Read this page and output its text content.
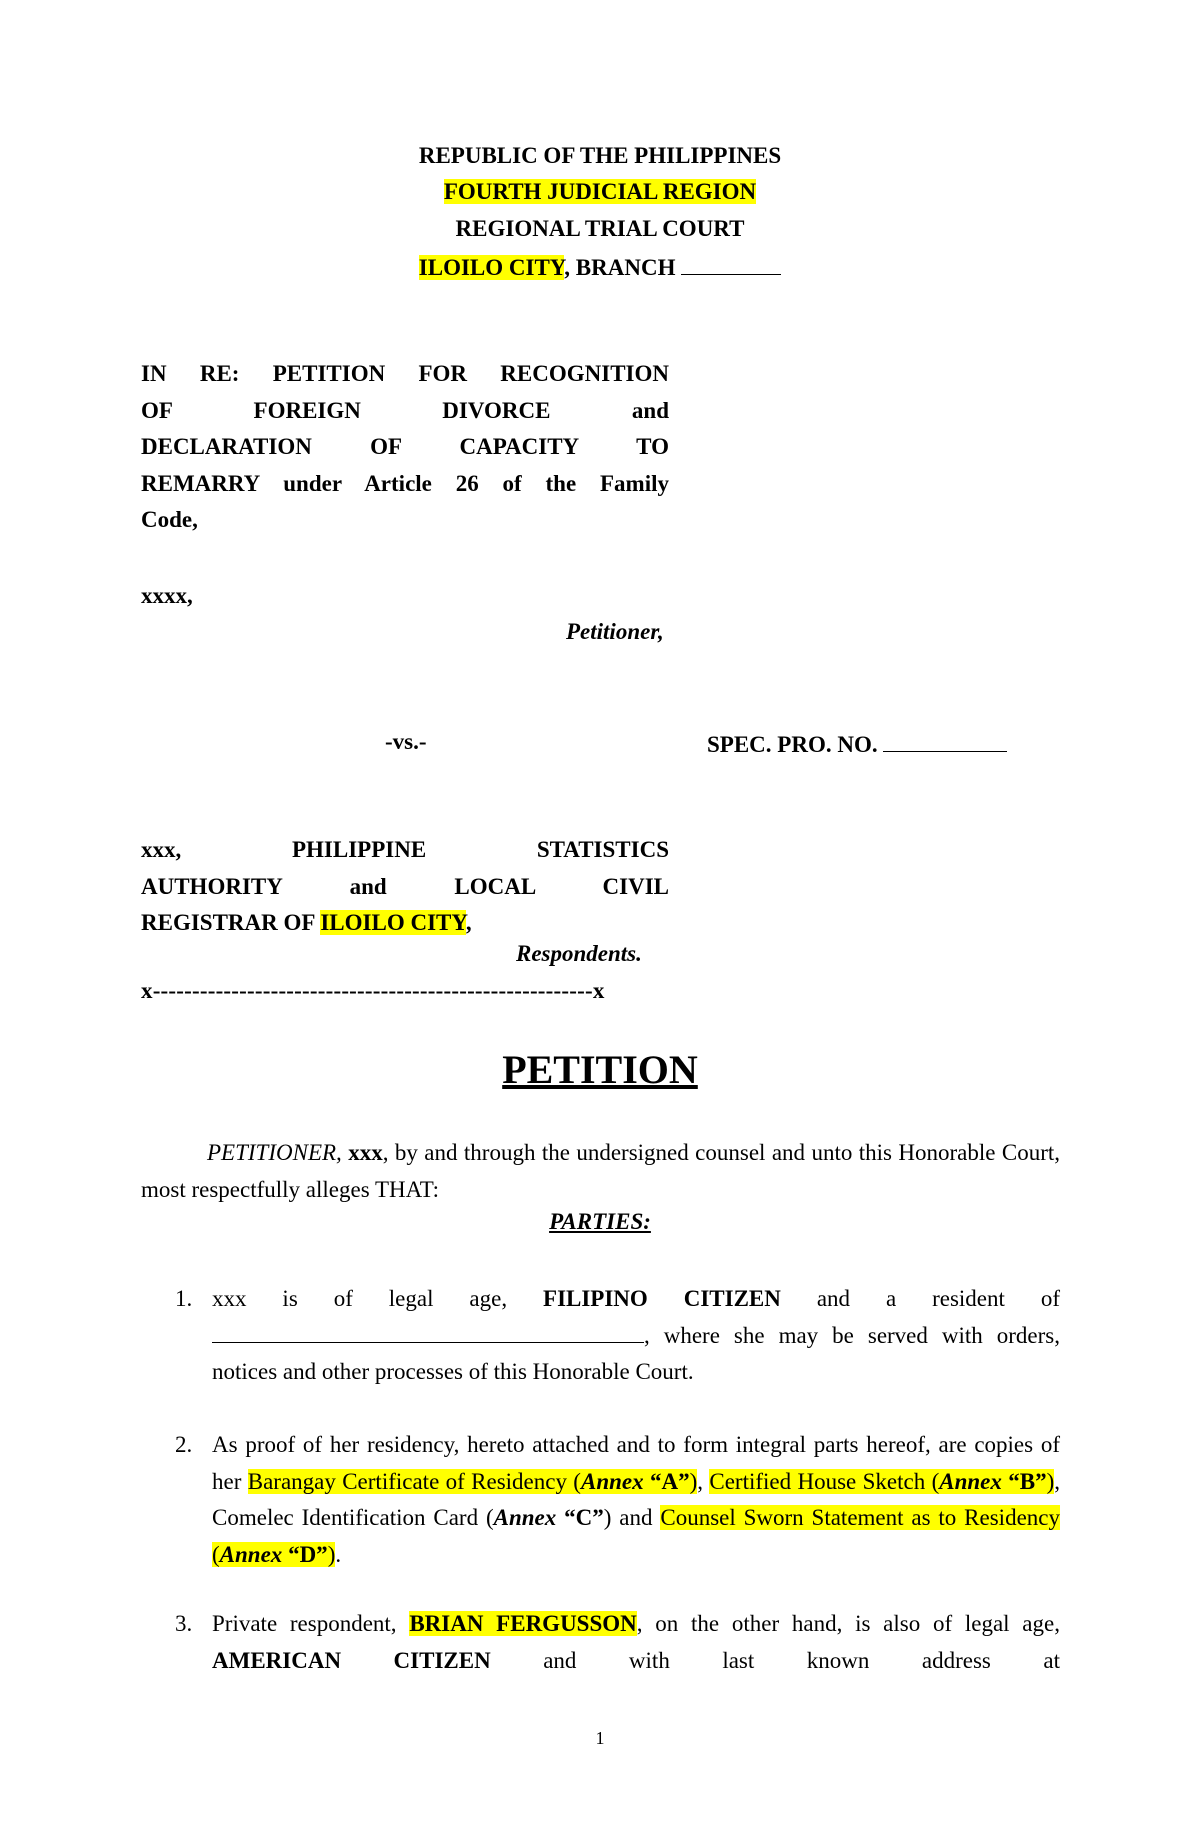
REPUBLIC OF THE PHILIPPINES
FOURTH JUDICIAL REGION
REGIONAL TRIAL COURT
ILOILO CITY, BRANCH
IN RE: PETITION FOR RECOGNITION
OF FOREIGN DIVORCE and
DECLARATION OF CAPACITY TO
REMARRY under Article 26 of the Family
Code,
xxxx,
Petitioner,
-vs.-	SPEC. PRO. NO.
xxx, PHILIPPINE STATISTICS
AUTHORITY and LOCAL CIVIL
REGISTRAR OF ILOILO CITY,
Respondents.
x--------------------------------------------------------x
PETITION
PETITIONER, xxx, by and through the undersigned counsel and unto this Honorable Court, most respectfully alleges THAT:
PARTIES:
1. xxx is of legal age, FILIPINO CITIZEN and a resident of
, where she may be served with orders, notices and other processes of this Honorable Court.
2. As proof of her residency, hereto attached and to form integral parts hereof, are copies of her Barangay Certificate of Residency (Annex “A”), Certified House Sketch (Annex “B”), Comelec Identification Card (Annex “C”) and Counsel Sworn Statement as to Residency (Annex “D”).
3. Private respondent, BRIAN FERGUSSON, on the other hand, is also of legal age, AMERICAN CITIZEN and with last known address at
1
